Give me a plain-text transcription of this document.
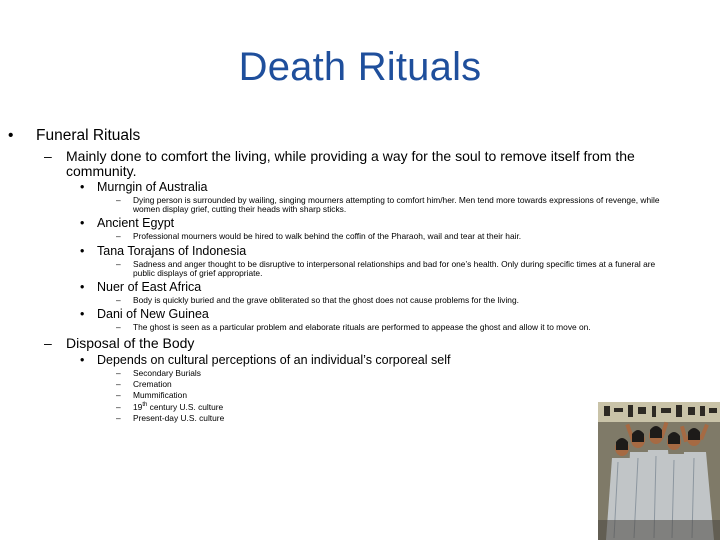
Death Rituals
• Funeral Rituals
– Mainly done to comfort the living, while providing a way for the soul to remove itself from the community.
• Murngin of Australia
– Dying person is surrounded by wailing, singing mourners attempting to comfort him/her. Men tend more towards expressions of revenge, while women display grief, cutting their heads with sharp sticks.
• Ancient Egypt
– Professional mourners would be hired to walk behind the coffin of the Pharaoh, wail and tear at their hair.
• Tana Torajans of Indonesia
– Sadness and anger thought to be disruptive to interpersonal relationships and bad for one’s health. Only during specific times at a funeral are public displays of grief appropriate.
• Nuer of East Africa
– Body is quickly buried and the grave obliterated so that the ghost does not cause problems for the living.
• Dani of New Guinea
– The ghost is seen as a particular problem and elaborate rituals are performed to appease the ghost and allow it to move on.
– Disposal of the Body
• Depends on cultural perceptions of an individual’s corporeal self
– Secondary Burials
– Cremation
– Mummification
– 19th century U.S. culture
– Present-day U.S. culture
